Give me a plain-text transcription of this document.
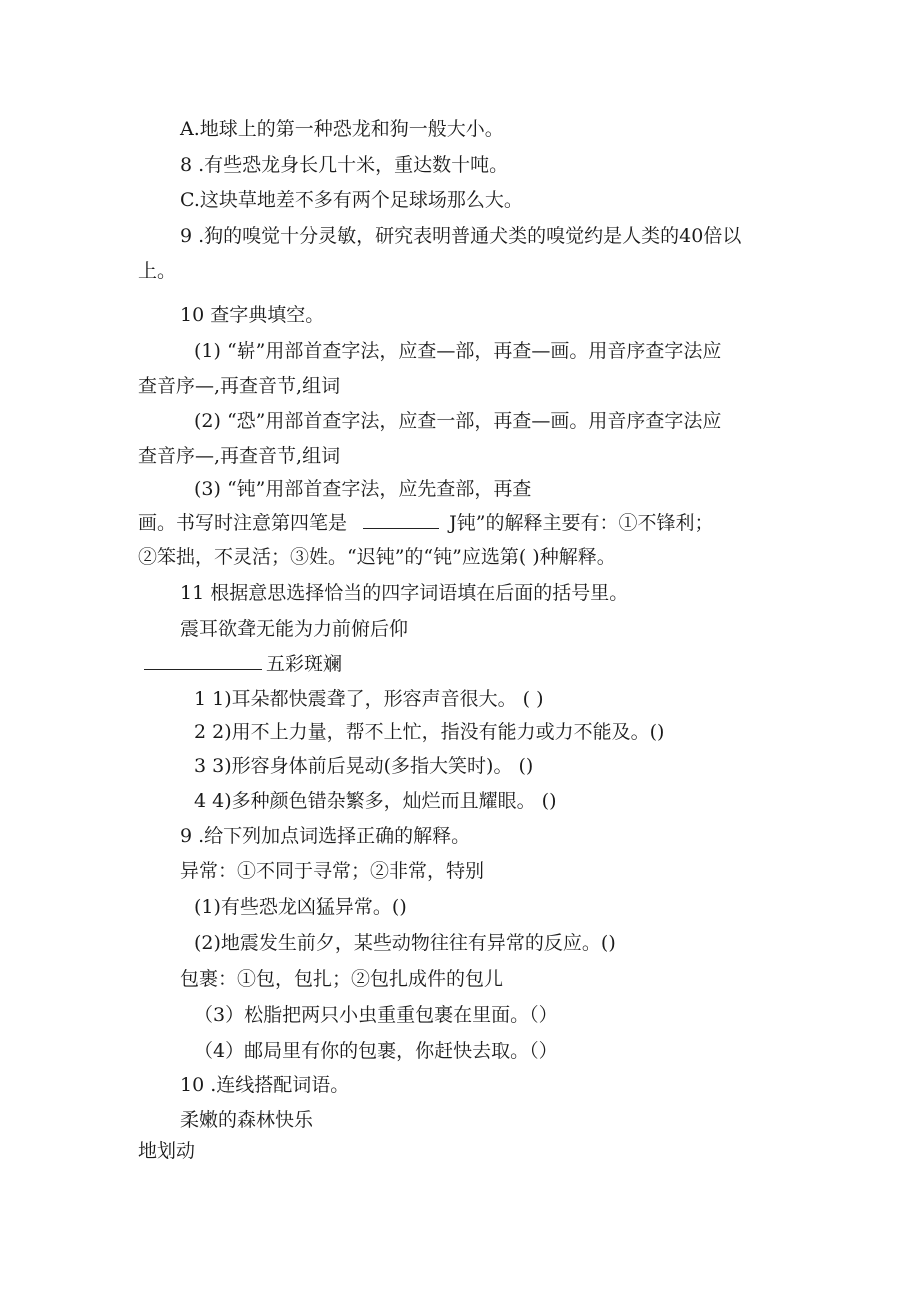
A.地球上的第一种恐龙和狗一般大小。
8 .有些恐龙身长几十米，重达数十吨。
C.这块草地差不多有两个足球场那么大。
9 .狗的嗅觉十分灵敏，研究表明普通犬类的嗅觉约是人类的40倍以
上。
10 查字典填空。
(1) “崭”用部首查字法，应查—部，再查—画。用音序查字法应
查音序—,再查音节,组词
(2) “恐”用部首查字法，应查一部，再查—画。用音序查字法应
查音序—,再查音节,组词
(3) “钝”用部首查字法，应先查部，再查
画。书写时注意第四笔是	J钝”的解释主要有：①不锋利；
②笨拙，不灵活；③姓。“迟钝”的“钝”应选第( )种解释。
11 根据意思选择恰当的四字词语填在后面的括号里。
震耳欲聋无能为力前俯后仰
五彩斑斓
1 1)耳朵都快震聋了，形容声音很大。 ( )
2 2)用不上力量，帮不上忙，指没有能力或力不能及。()
3 3)形容身体前后晃动(多指大笑时)。 ()
4 4)多种颜色错杂繁多，灿烂而且耀眼。 ()
9 .给下列加点词选择正确的解释。
异常：①不同于寻常；②非常，特别
(1)有些恐龙凶猛异常。()
(2)地震发生前夕，某些动物往往有异常的反应。()
包裹：①包，包扎；②包扎成件的包儿
（3）松脂把两只小虫重重包裹在里面。（）
（4）邮局里有你的包裹，你赶快去取。（）
10 .连线搭配词语。
柔嫩的森林快乐
地划动
